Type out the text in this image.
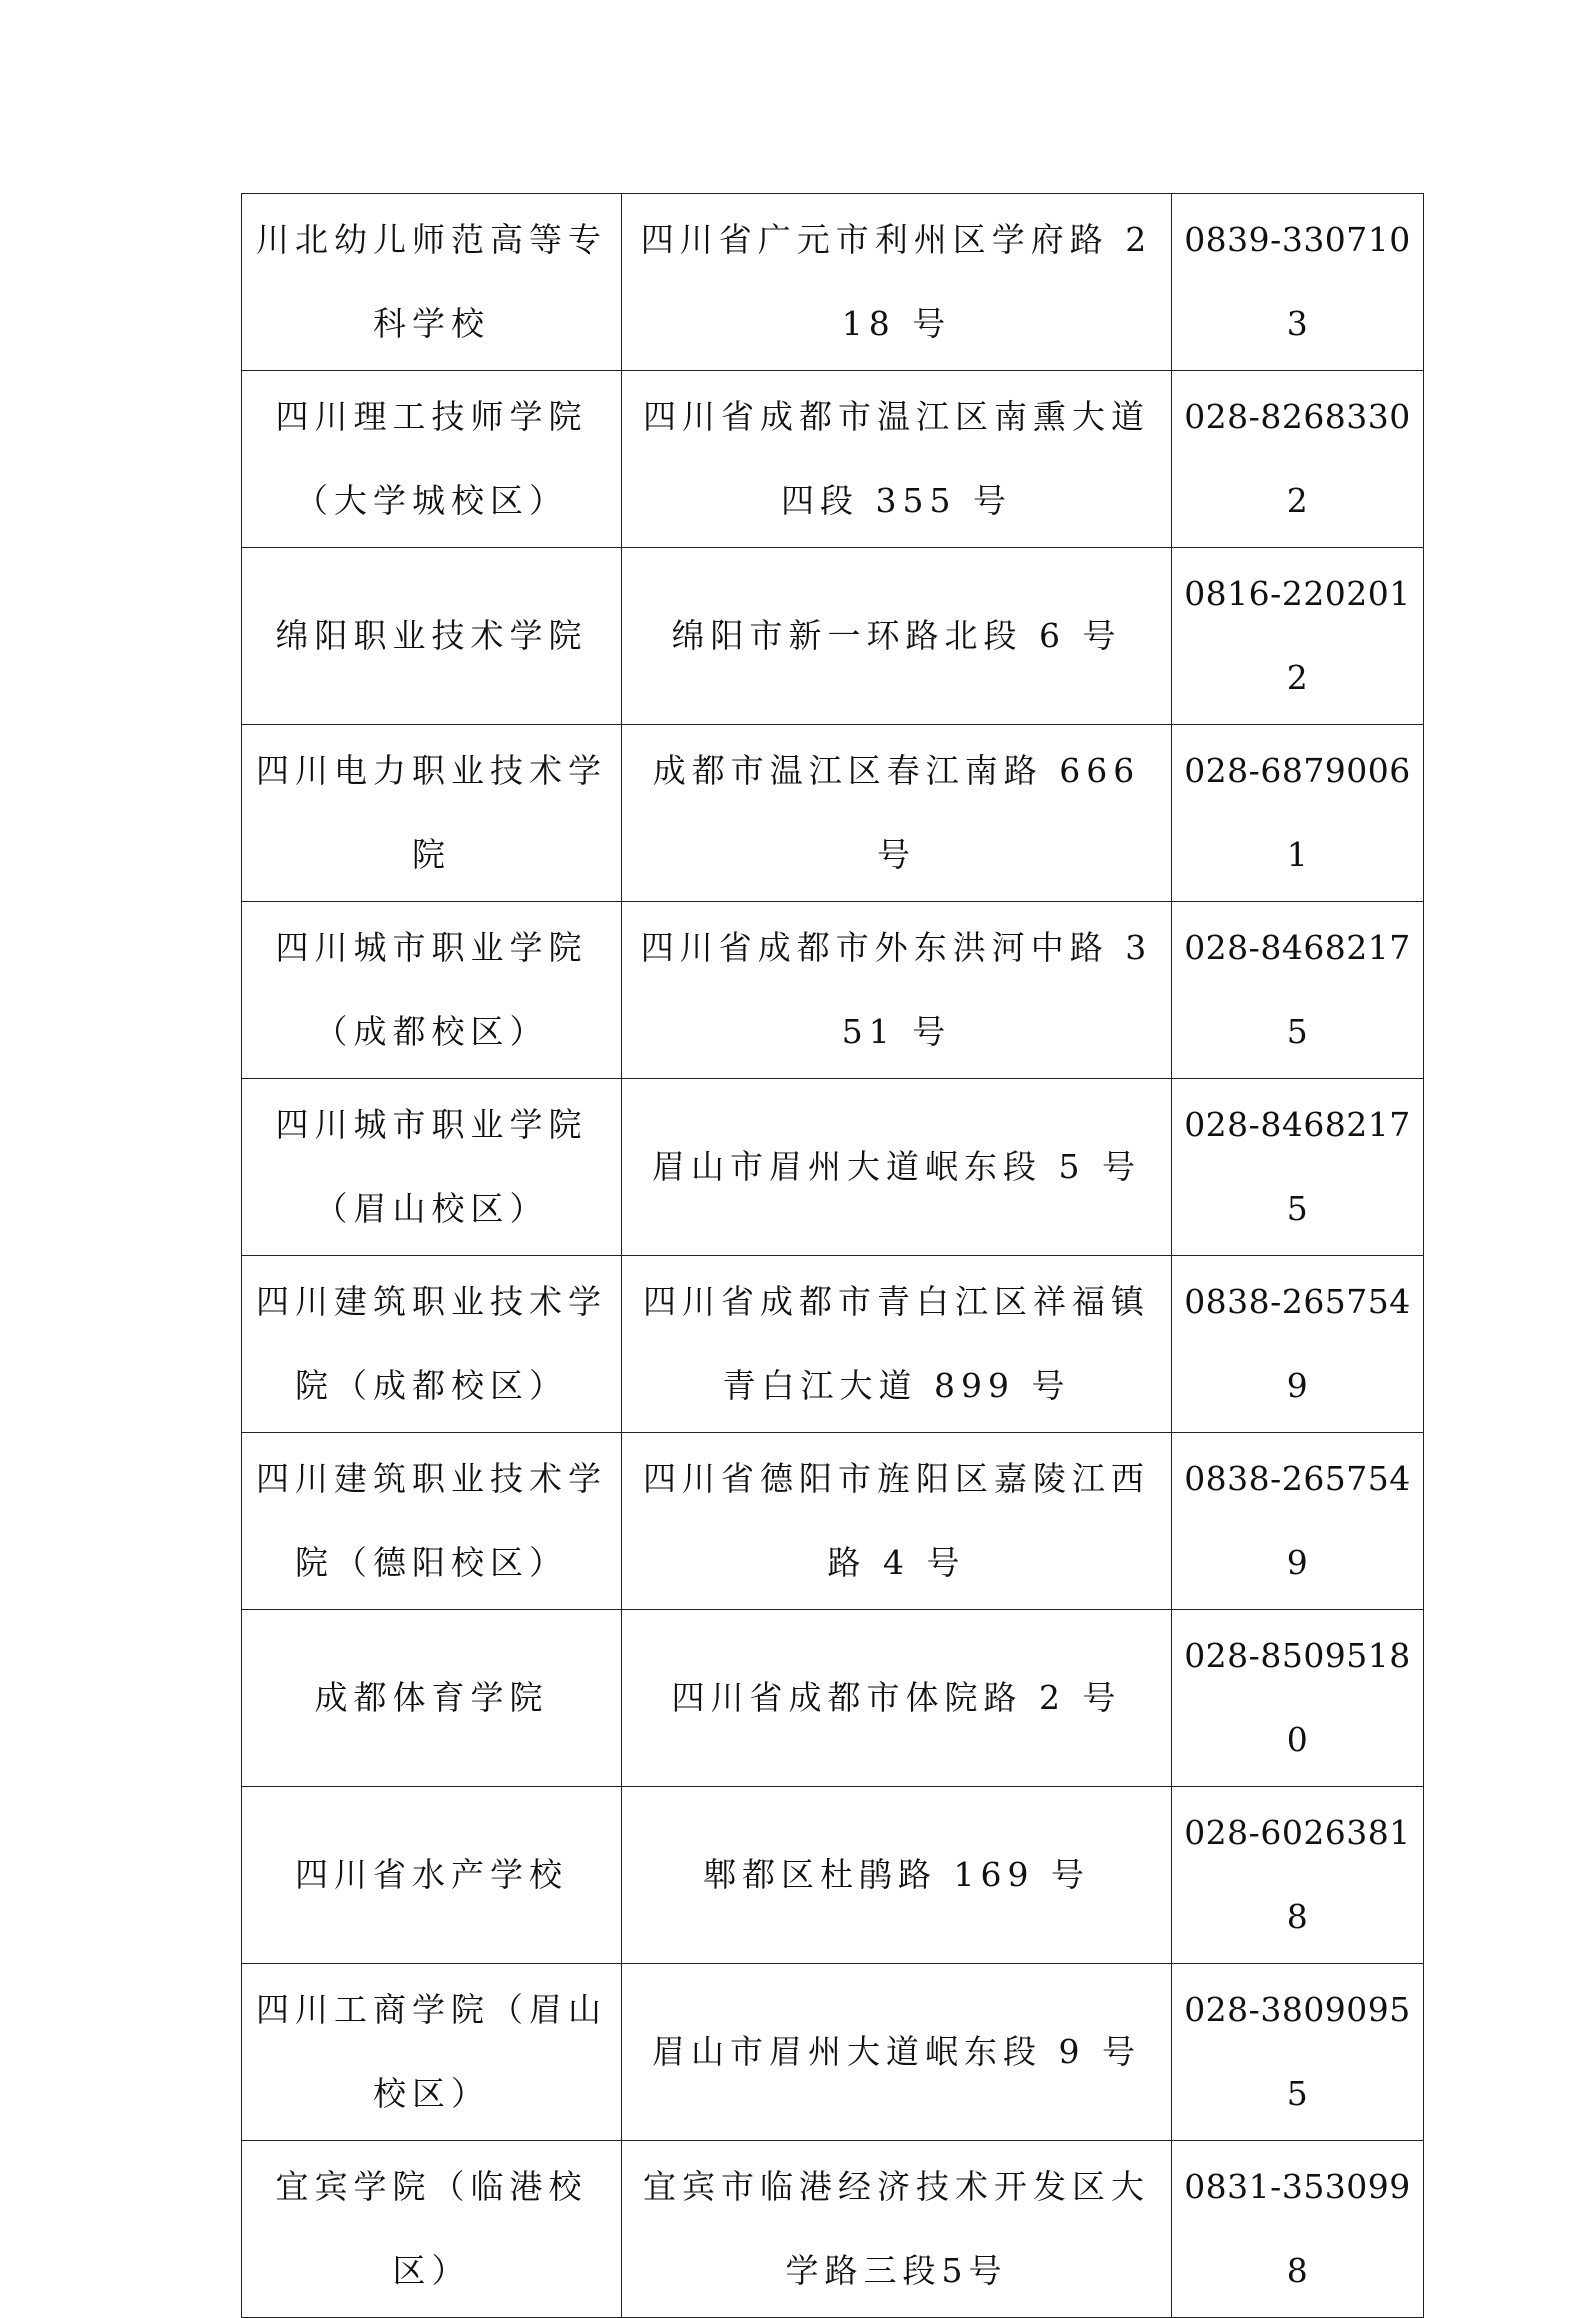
川北幼儿师范高等专科学校	四川省广元市利州区学府路 218 号	0839-3307103
四川理工技师学院（大学城校区）	四川省成都市温江区南熏大道四段 355 号	028-82683302
绵阳职业技术学院	绵阳市新一环路北段 6 号	0816-2202012
四川电力职业技术学院	成都市温江区春江南路 666 号	028-68790061
四川城市职业学院（成都校区）	四川省成都市外东洪河中路 351 号	028-84682175
四川城市职业学院（眉山校区）	眉山市眉州大道岷东段 5 号	028-84682175
四川建筑职业技术学院（成都校区）	四川省成都市青白江区祥福镇青白江大道 899 号	0838-2657549
四川建筑职业技术学院（德阳校区）	四川省德阳市旌阳区嘉陵江西路 4 号	0838-2657549
成都体育学院	四川省成都市体院路 2 号	028-85095180
四川省水产学校	郫都区杜鹃路 169 号	028-60263818
四川工商学院（眉山校区）	眉山市眉州大道岷东段 9 号	028-38090955
宜宾学院（临港校区）	宜宾市临港经济技术开发区大学路三段5号	0831-3530998
